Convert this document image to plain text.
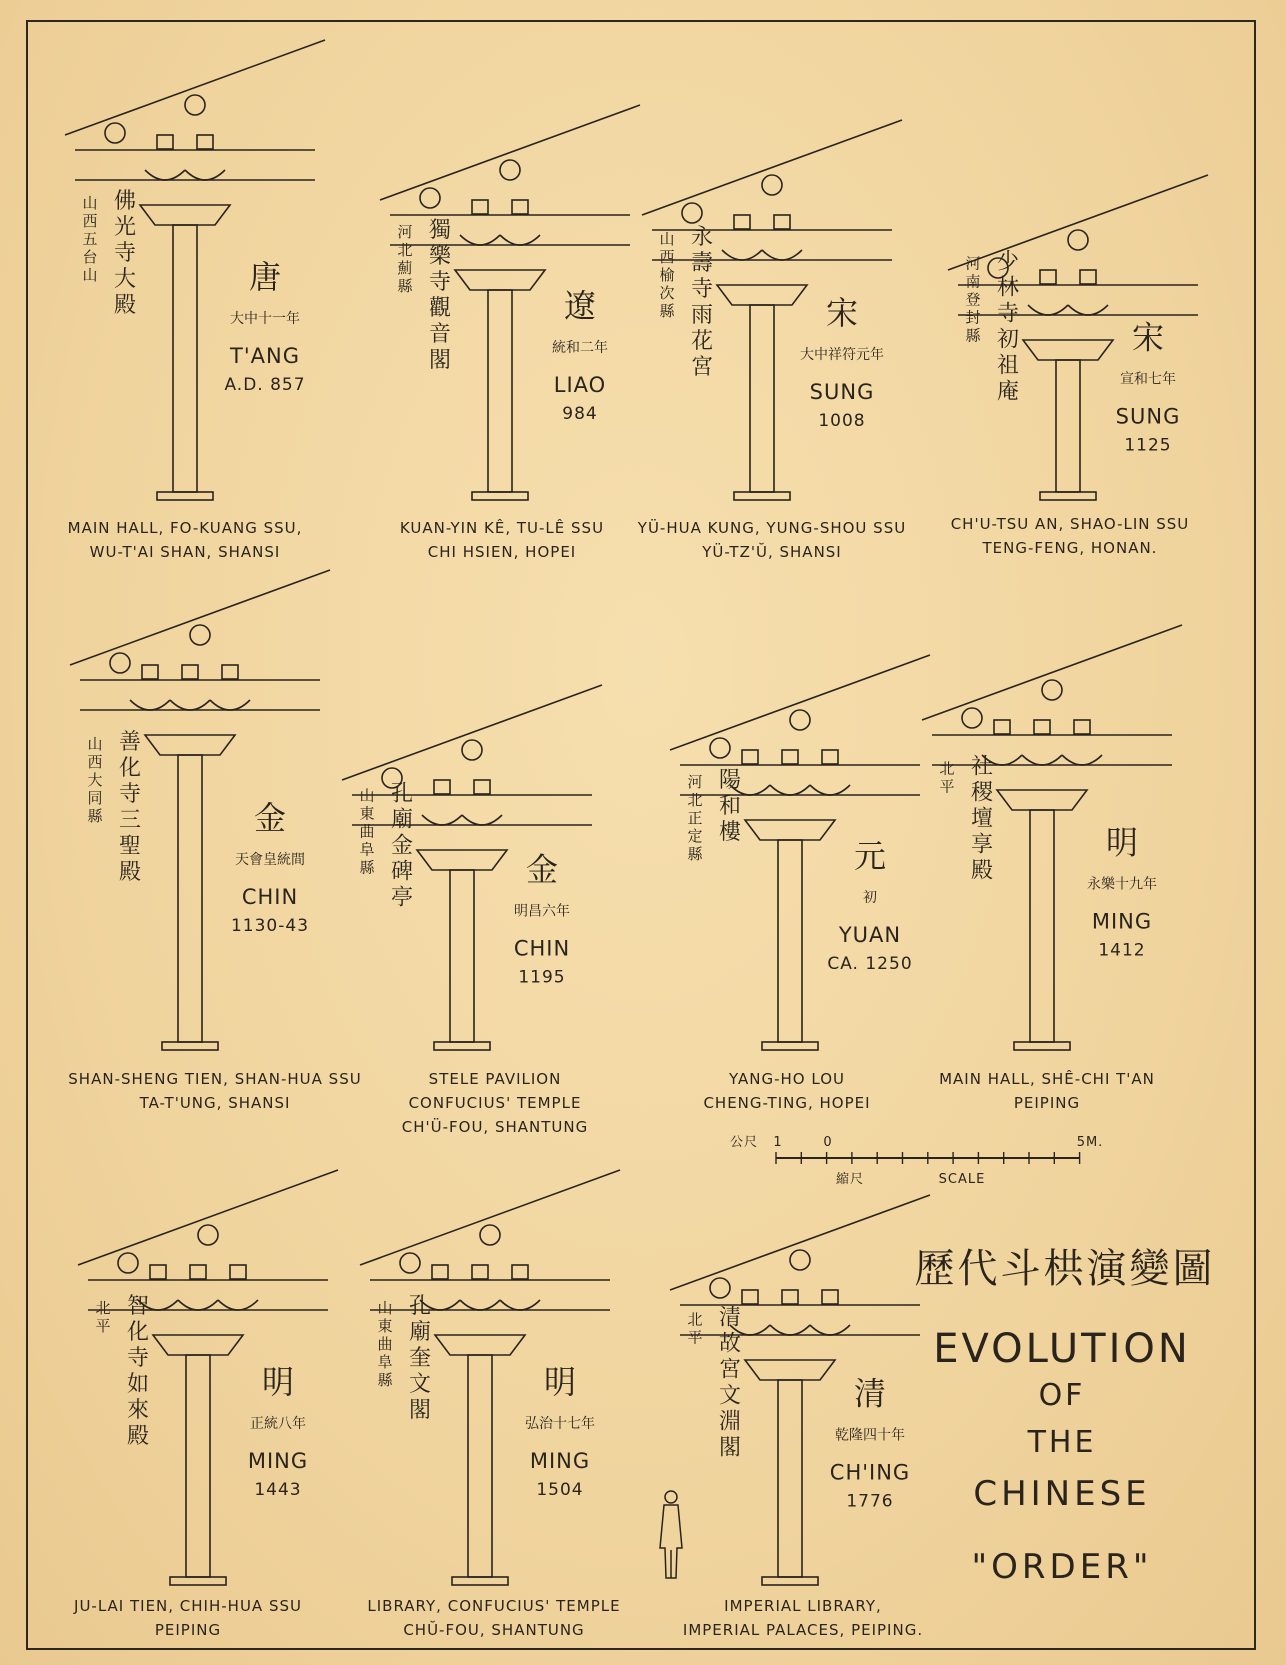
唐
大中十一年
T'ANG
A.D. 857
佛
光
寺
大
殿
山
西
五
台
山
MAIN HALL, FO-KUANG SSU,
WU-T'AI SHAN, SHANSI
遼
統和二年
LIAO
984
獨
樂
寺
觀
音
閣
河
北
薊
縣
KUAN-YIN KÊ, TU-LÊ SSU
CHI HSIEN, HOPEI
宋
大中祥符元年
SUNG
1008
永
壽
寺
雨
花
宮
山
西
榆
次
縣
YÜ-HUA KUNG, YUNG-SHOU SSU
YÜ-TZ'Ŭ, SHANSI
宋
宣和七年
SUNG
1125
少
林
寺
初
祖
庵
河
南
登
封
縣
CH'U-TSU AN, SHAO-LIN SSU
TENG-FENG, HONAN.
金
天會皇統間
CHIN
1130-43
善
化
寺
三
聖
殿
山
西
大
同
縣
SHAN-SHENG TIEN, SHAN-HUA SSU
TA-T'UNG, SHANSI
金
明昌六年
CHIN
1195
孔
廟
金
碑
亭
山
東
曲
阜
縣
STELE PAVILION
CONFUCIUS' TEMPLE
CH'Ü-FOU, SHANTUNG
元
初
YUAN
CA. 1250
陽
和
樓
河
北
正
定
縣
YANG-HO LOU
CHENG-TING, HOPEI
明
永樂十九年
MING
1412
社
稷
壇
享
殿
北
平
MAIN HALL, SHÊ-CHI T'AN
PEIPING
明
正統八年
MING
1443
智
化
寺
如
來
殿
北
平
JU-LAI TIEN, CHIH-HUA SSU
PEIPING
明
弘治十七年
MING
1504
孔
廟
奎
文
閣
山
東
曲
阜
縣
LIBRARY, CONFUCIUS' TEMPLE
CHŬ-FOU, SHANTUNG
清
乾隆四十年
CH'ING
1776
清
故
宮
文
淵
閣
北
平
IMPERIAL LIBRARY,
IMPERIAL PALACES, PEIPING.
歷代斗栱演變圖
EVOLUTION
OF
THE
CHINESE
"ORDER"
公尺 1	0	5M.
縮尺	SCALE
